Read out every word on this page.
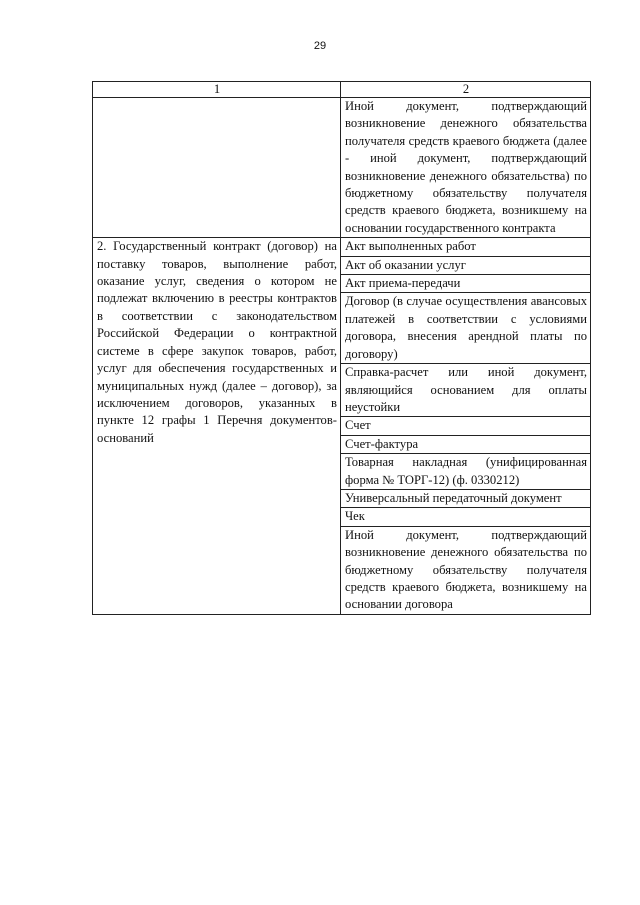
29
1	2
	Иной документ, подтверждающий возникновение денежного обязательства получателя средств краевого бюджета (далее - иной документ, подтверждающий возникновение денежного обязательства) по бюджетному обязательству получателя средств краевого бюджета, возникшему на основании государственного контракта
2. Государственный контракт (договор) на поставку товаров, выполнение работ, оказание услуг, сведения о котором не подлежат включению в реестры контрактов в соответствии с законодательством Российской Федерации о контрактной системе в сфере закупок товаров, работ, услуг для обеспечения государственных и муниципальных нужд (далее – договор), за исключением договоров, указанных в пункте 12 графы 1 Перечня документов-оснований	Акт выполненных работ
	Акт об оказании услуг
	Акт приема-передачи
	Договор (в случае осуществления авансовых платежей в соответствии с условиями договора, внесения арендной платы по договору)
	Справка-расчет или иной документ, являющийся основанием для оплаты неустойки
	Счет
	Счет-фактура
	Товарная накладная (унифицированная форма № ТОРГ-12) (ф. 0330212)
	Универсальный передаточный документ
	Чек
	Иной документ, подтверждающий возникновение денежного обязательства по бюджетному обязательству получателя средств краевого бюджета, возникшему на основании договора
